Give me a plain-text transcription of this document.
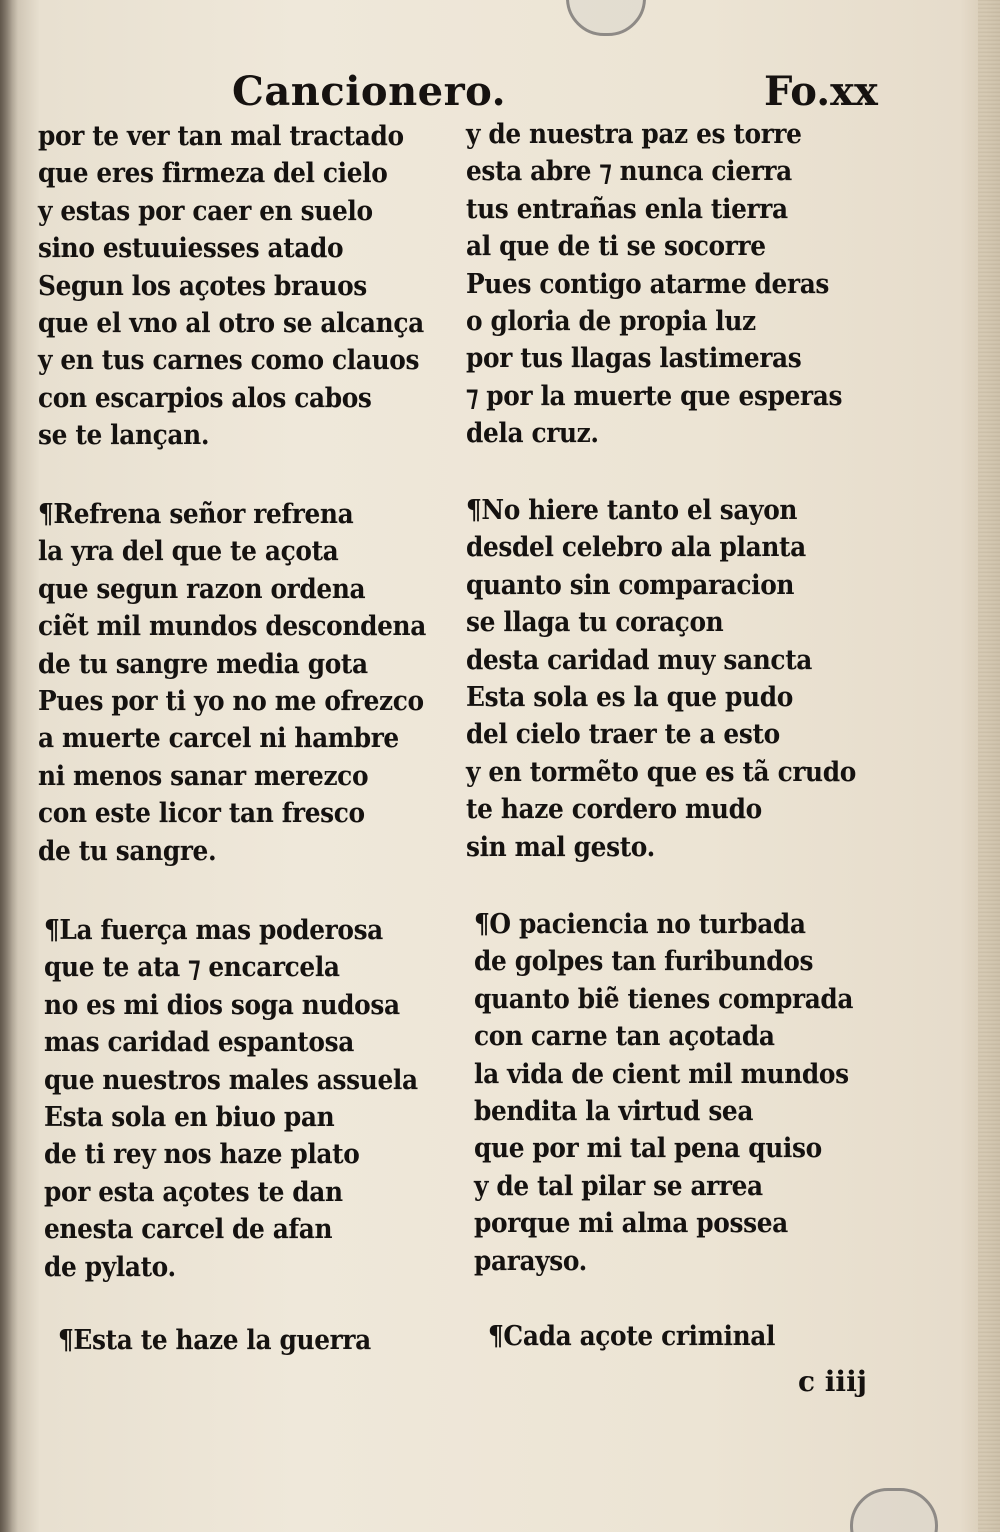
Cancionero.	Fo.xx
por te ver tan mal tractado
que eres firmeza del cielo
y estas por caer en suelo
sino estuuiesses atado
Segun los açotes brauos
que el vno al otro se alcança
y en tus carnes como clauos
con escarpios alos cabos
se te lançan.
¶Refrena señor refrena
la yra del que te açota
que segun razon ordena
ciẽt mil mundos descondena
de tu sangre media gota
Pues por ti yo no me ofrezco
a muerte carcel ni hambre
ni menos sanar merezco
con este licor tan fresco
de tu sangre.
¶La fuerça mas poderosa
que te ata ⁊ encarcela
no es mi dios soga nudosa
mas caridad espantosa
que nuestros males assuela
Esta sola en biuo pan
de ti rey nos haze plato
por esta açotes te dan
enesta carcel de afan
de pylato.
¶Esta te haze la guerra
y de nuestra paz es torre
esta abre ⁊ nunca cierra
tus entrañas enla tierra
al que de ti se socorre
Pues contigo atarme deras
o gloria de propia luz
por tus llagas lastimeras
⁊ por la muerte que esperas
dela cruz.
¶No hiere tanto el sayon
desdel celebro ala planta
quanto sin comparacion
se llaga tu coraçon
desta caridad muy sancta
Esta sola es la que pudo
del cielo traer te a esto
y en tormẽto que es tã crudo
te haze cordero mudo
sin mal gesto.
¶O paciencia no turbada
de golpes tan furibundos
quanto biẽ tienes comprada
con carne tan açotada
la vida de cient mil mundos
bendita la virtud sea
que por mi tal pena quiso
y de tal pilar se arrea
porque mi alma possea
parayso.
¶Cada açote criminal
c iiij
